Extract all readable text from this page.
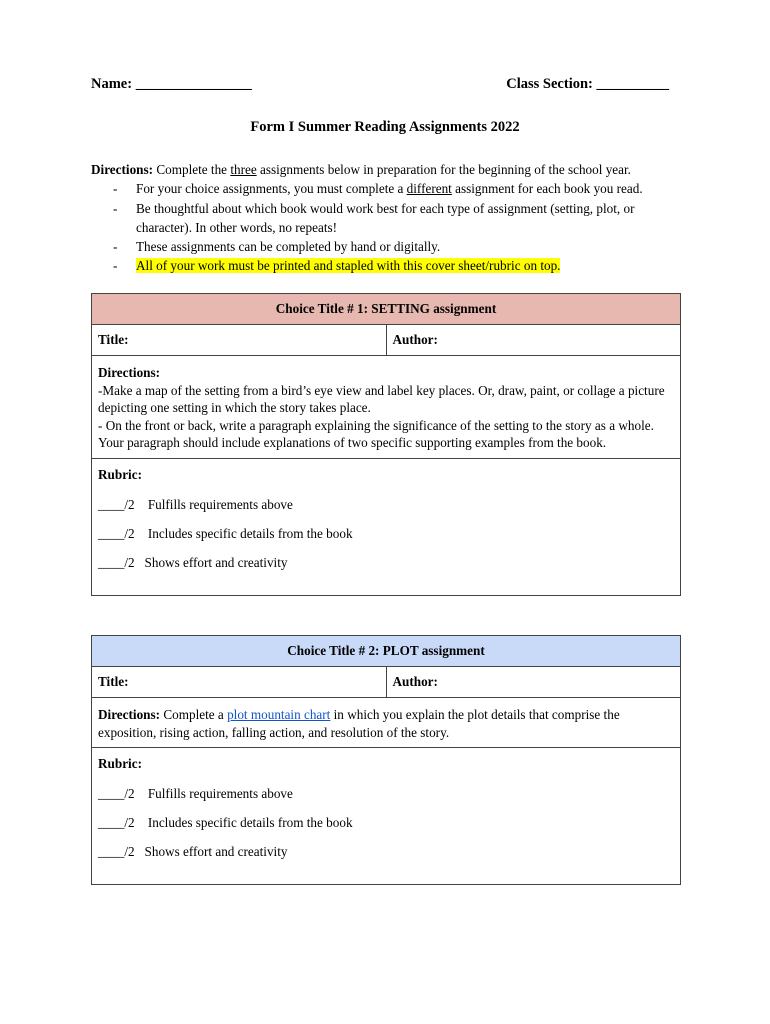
Name: ________________	Class Section: __________
Form I Summer Reading Assignments 2022
Directions: Complete the three assignments below in preparation for the beginning of the school year.
- For your choice assignments, you must complete a different assignment for each book you read.
- Be thoughtful about which book would work best for each type of assignment (setting, plot, or character). In other words, no repeats!
- These assignments can be completed by hand or digitally.
- All of your work must be printed and stapled with this cover sheet/rubric on top.
Choice Title # 1: SETTING assignment
Title:	Author:

Directions:
-Make a map of the setting from a bird’s eye view and label key places. Or, draw, paint, or collage a picture depicting one setting in which the story takes place.
- On the front or back, write a paragraph explaining the significance of the setting to the story as a whole. Your paragraph should include explanations of two specific supporting examples from the book.

Rubric:
____/2 Fulfills requirements above
____/2 Includes specific details from the book
____/2 Shows effort and creativity
Choice Title # 2: PLOT assignment
Title:	Author:
Directions: Complete a plot mountain chart in which you explain the plot details that comprise the exposition, rising action, falling action, and resolution of the story.

Rubric:
____/2 Fulfills requirements above
____/2 Includes specific details from the book
____/2 Shows effort and creativity
